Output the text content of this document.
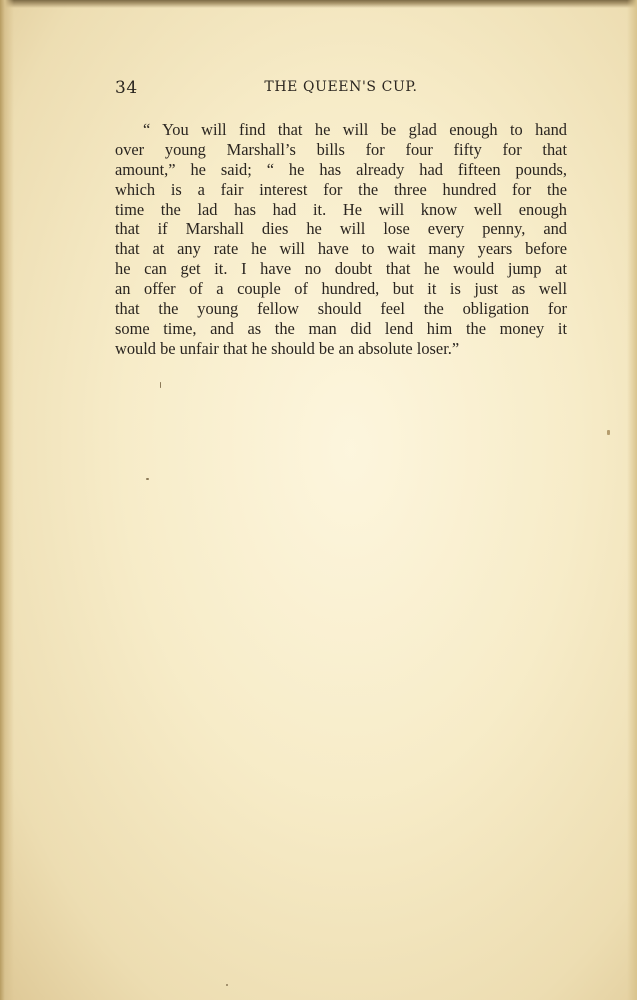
34	THE QUEEN'S CUP.
“ You will find that he will be glad enough to hand
over young Marshall’s bills for four fifty for that
amount,” he said; “ he has already had fifteen pounds,
which is a fair interest for the three hundred for the
time the lad has had it. He will know well enough
that if Marshall dies he will lose every penny, and
that at any rate he will have to wait many years before
he can get it. I have no doubt that he would jump at
an offer of a couple of hundred, but it is just as well
that the young fellow should feel the obligation for
some time, and as the man did lend him the money it
would be unfair that he should be an absolute loser.”
